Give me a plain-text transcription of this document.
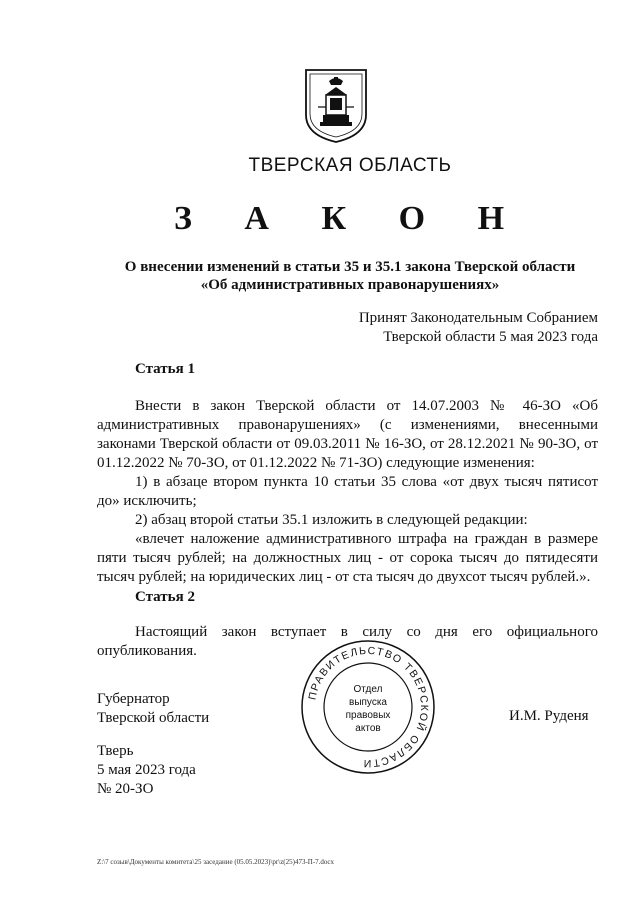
ТВЕРСКАЯ ОБЛАСТЬ
З А К О Н
О внесении изменений в статьи 35 и 35.1 закона Тверской области
«Об административных правонарушениях»
Принят Законодательным Собранием
Тверской области 5 мая 2023 года
Статья 1

Внести в закон Тверской области от 14.07.2003 № 46-ЗО «Об административных правонарушениях» (с изменениями, внесенными законами Тверской области от 09.03.2011 № 16-ЗО, от 28.12.2021 № 90-ЗО, от 01.12.2022 № 70-ЗО, от 01.12.2022 № 71-ЗО) следующие изменения:

1) в абзаце втором пункта 10 статьи 35 слова «от двух тысяч пятисот до» исключить;

2) абзац второй статьи 35.1 изложить в следующей редакции:

«влечет наложение административного штрафа на граждан в размере пяти тысяч рублей; на должностных лиц - от сорока тысяч до пятидесяти тысяч рублей; на юридических лиц - от ста тысяч до двухсот тысяч рублей.».

Статья 2

Настоящий закон вступает в силу со дня его официального опубликования.

Губернатор
Тверской области	И.М. Руденя
ПРАВИТЕЛЬСТВО ТВЕРСКОЙ ОБЛАСТИ
Отдел
выпуска
правовых
актов
Тверь
5 мая 2023 года
№ 20-ЗО
Z:\7 созыв\Документы комитета\25 заседание (05.05.2023)\pr\z(25)473-П-7.docx
